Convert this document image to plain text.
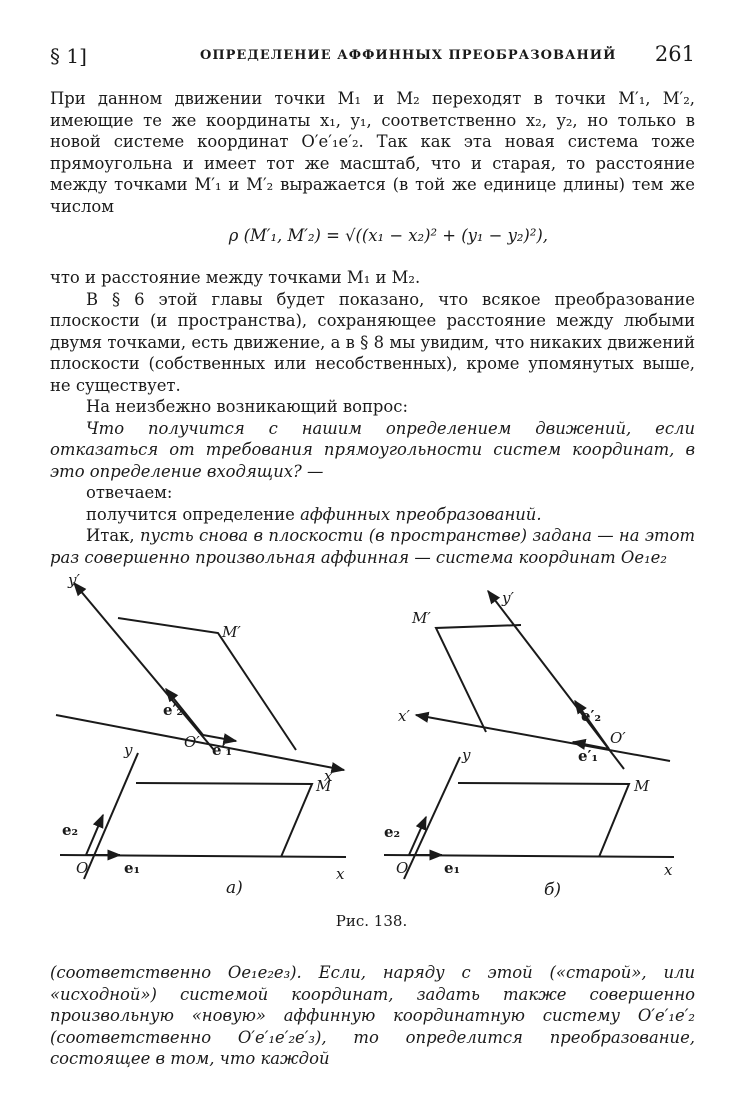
§ 1]	ОПРЕДЕЛЕНИЕ АФФИННЫХ ПРЕОБРАЗОВАНИЙ 261

При данном движении точки M₁ и M₂ переходят в точки M′₁, M′₂, имеющие те же координаты x₁, y₁, соответственно x₂, y₂, но только в новой системе координат O′e′₁e′₂. Так как эта новая система тоже прямоугольна и имеет тот же масштаб, что и старая, то расстояние между точками M′₁ и M′₂ выражается (в той же единице длины) тем же числом

ρ (M′₁, M′₂) = √((x₁ − x₂)² + (y₁ − y₂)²),

что и расстояние между точками M₁ и M₂.

В § 6 этой главы будет показано, что всякое преобразование плоскости (и пространства), сохраняющее расстояние между любыми двумя точками, есть движение, а в § 8 мы увидим, что никаких движений плоскости (собственных или несобственных), кроме упомянутых выше, не существует.

На неизбежно возникающий вопрос:

Что получится с нашим определением движений, если отказаться от требования прямоугольности систем координат, в это определение входящих? —

отвечаем:

получится определение аффинных преобразований.

Итак, пусть снова в плоскости (в пространстве) задана — на этот раз совершенно произвольная аффинная — система координат Oe₁e₂

y′
M′
e′₂
O′ e′₁
x′
y
M
e₂
O e₁	x
а)
y′
M′
e′₂
O′
e′₁
x′
y
M
e₂
O e₁	x
б)
Рис. 138.
(соответственно Oe₁e₂e₃). Если, наряду с этой («старой», или «исходной») системой координат, задать также совершенно произвольную «новую» аффинную координатную систему O′e′₁e′₂ (соответственно O′e′₁e′₂e′₃), то определится преобразование, состоящее в том, что каждой
